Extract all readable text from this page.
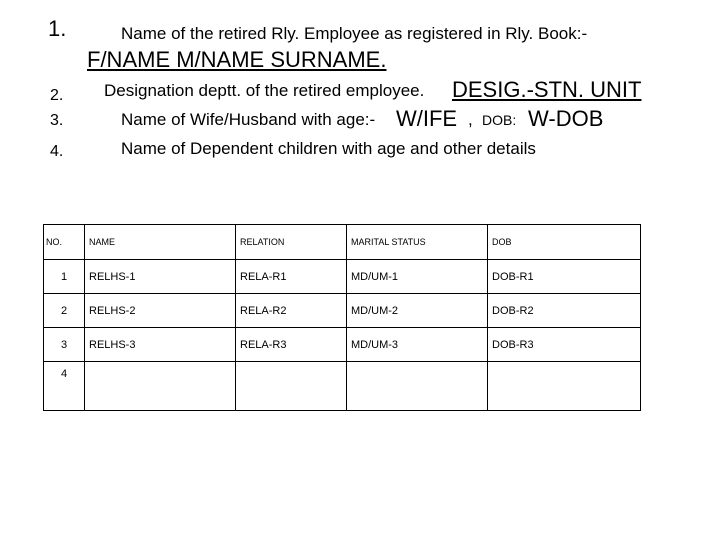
1.	Name of the retired Rly. Employee as registered in Rly. Book:-
F/NAME M/NAME SURNAME.
2. Designation deptt. of the retired employee. DESIG.-STN. UNIT
3.	Name of Wife/Husband with age:- W/IFE , DOB: W-DOB
4.	Name of Dependent children with age and other details
NO.	NAME	RELATION	MARITAL STATUS	DOB
1	RELHS-1	RELA-R1	MD/UM-1	DOB-R1
2	RELHS-2	RELA-R2	MD/UM-2	DOB-R2
3	RELHS-3	RELA-R3	MD/UM-3	DOB-R3
4				
